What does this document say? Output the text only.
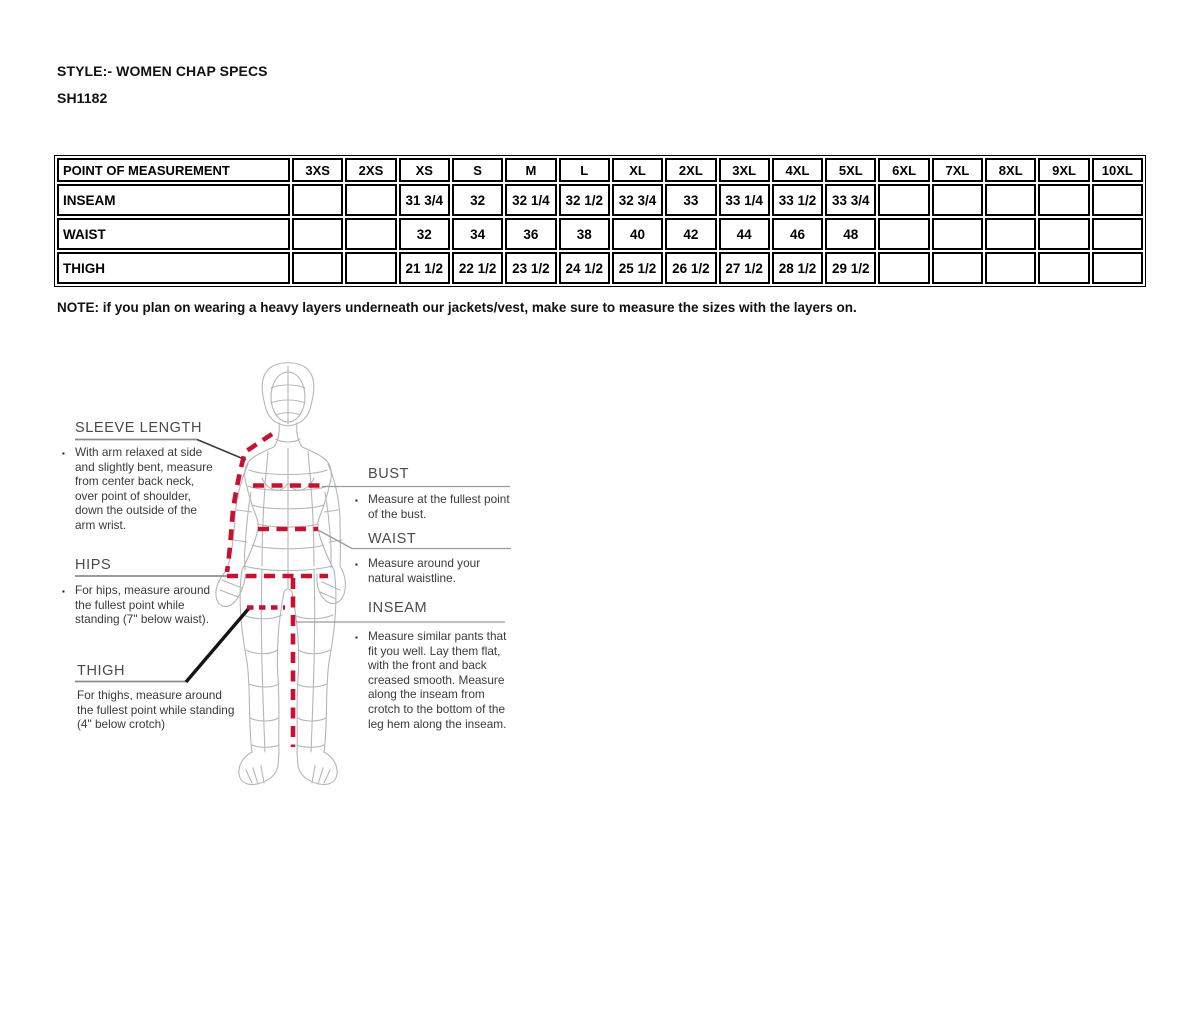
STYLE:- WOMEN CHAP SPECS
SH1182
POINT OF MEASUREMENT	3XS	2XS	XS	S	M	L	XL	2XL	3XL	4XL	5XL	6XL	7XL	8XL	9XL	10XL
INSEAM			31 3/4	32	32 1/4	32 1/2	32 3/4	33	33 1/4	33 1/2	33 3/4					
WAIST			32	34	36	38	40	42	44	46	48					
THIGH			21 1/2	22 1/2	23 1/2	24 1/2	25 1/2	26 1/2	27 1/2	28 1/2	29 1/2					
NOTE: if you plan on wearing a heavy layers underneath our jackets/vest, make sure to measure the sizes with the layers on.
SLEEVE LENGTH
▪ With arm relaxed at side and slightly bent, measure from center back neck, over point of shoulder, down the outside of the arm wrist.
HIPS
▪ For hips, measure around the fullest point while standing (7" below waist).
THIGH
For thighs, measure around the fullest point while standing (4" below crotch)
BUST
▪ Measure at the fullest point of the bust.
WAIST
▪ Measure around your natural waistline.
INSEAM
▪ Measure similar pants that fit you well. Lay them flat, with the front and back creased smooth. Measure along the inseam from crotch to the bottom of the leg hem along the inseam.
